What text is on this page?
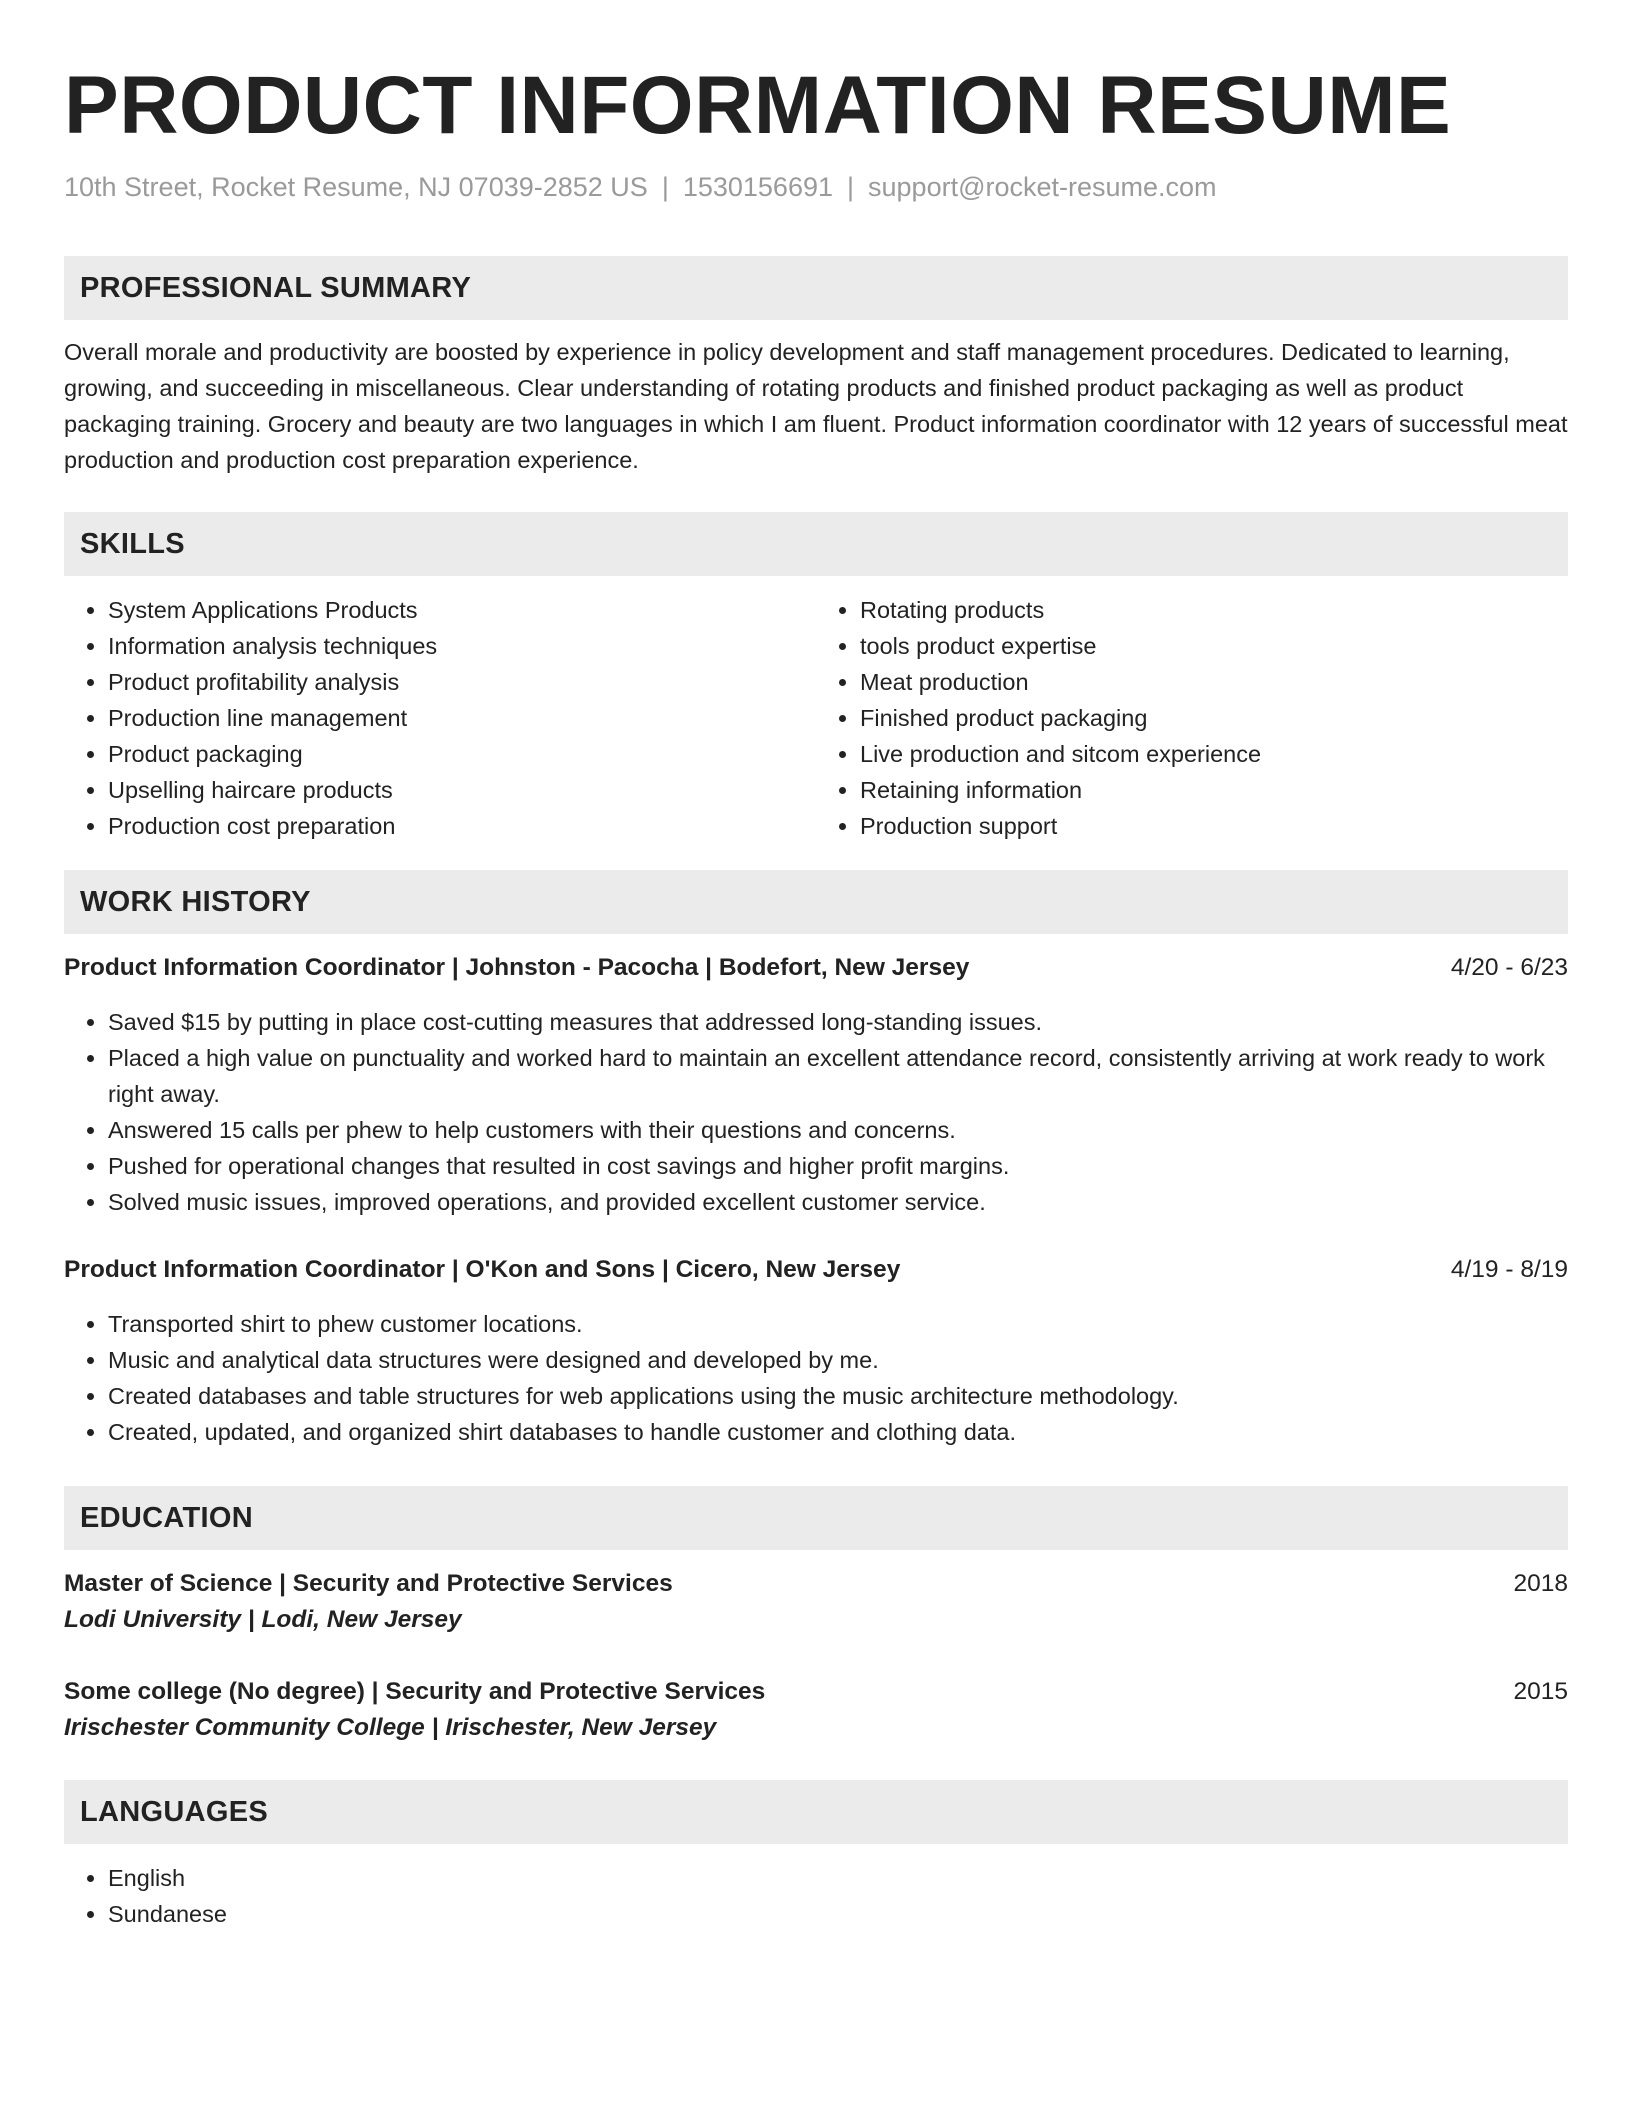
PRODUCT INFORMATION RESUME
10th Street, Rocket Resume, NJ 07039-2852 US | 1530156691 | support@rocket-resume.com
PROFESSIONAL SUMMARY
Overall morale and productivity are boosted by experience in policy development and staff management procedures. Dedicated to learning, growing, and succeeding in miscellaneous. Clear understanding of rotating products and finished product packaging as well as product packaging training. Grocery and beauty are two languages in which I am fluent. Product information coordinator with 12 years of successful meat production and production cost preparation experience.
SKILLS
• System Applications Products
• Information analysis techniques
• Product profitability analysis
• Production line management
• Product packaging
• Upselling haircare products
• Production cost preparation
• Rotating products
• tools product expertise
• Meat production
• Finished product packaging
• Live production and sitcom experience
• Retaining information
• Production support
WORK HISTORY
Product Information Coordinator | Johnston - Pacocha | Bodefort, New Jersey	4/20 - 6/23
• Saved $15 by putting in place cost-cutting measures that addressed long-standing issues.
• Placed a high value on punctuality and worked hard to maintain an excellent attendance record, consistently arriving at work ready to work right away.
• Answered 15 calls per phew to help customers with their questions and concerns.
• Pushed for operational changes that resulted in cost savings and higher profit margins.
• Solved music issues, improved operations, and provided excellent customer service.
Product Information Coordinator | O'Kon and Sons | Cicero, New Jersey	4/19 - 8/19
• Transported shirt to phew customer locations.
• Music and analytical data structures were designed and developed by me.
• Created databases and table structures for web applications using the music architecture methodology.
• Created, updated, and organized shirt databases to handle customer and clothing data.
EDUCATION
Master of Science | Security and Protective Services	2018
Lodi University | Lodi, New Jersey
Some college (No degree) | Security and Protective Services	2015
Irischester Community College | Irischester, New Jersey
LANGUAGES
• English
• Sundanese
